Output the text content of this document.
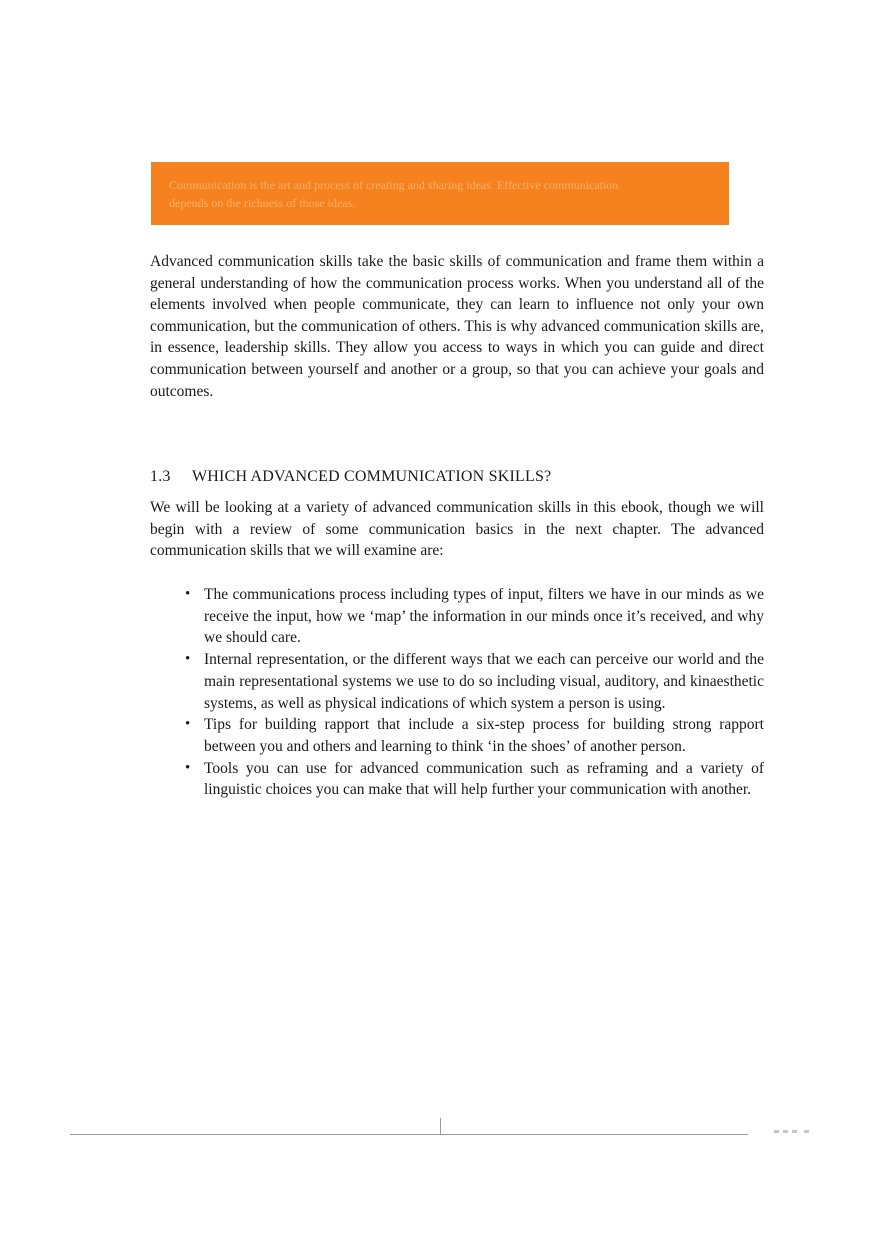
Communication is the art and process of creating and sharing ideas. Effective communication depends on the richness of those ideas.

Advanced communication skills take the basic skills of communication and frame them within a general understanding of how the communication process works. When you understand all of the elements involved when people communicate, they can learn to influence not only your own communication, but the communication of others. This is why advanced communication skills are, in essence, leadership skills. They allow you access to ways in which you can guide and direct communication between yourself and another or a group, so that you can achieve your goals and outcomes.

1.3 WHICH ADVANCED COMMUNICATION SKILLS?

We will be looking at a variety of advanced communication skills in this ebook, though we will begin with a review of some communication basics in the next chapter. The advanced communication skills that we will examine are:

• The communications process including types of input, filters we have in our minds as we receive the input, how we ‘map’ the information in our minds once it’s received, and why we should care.
• Internal representation, or the different ways that we each can perceive our world and the main representational systems we use to do so including visual, auditory, and kinaesthetic systems, as well as physical indications of which system a person is using.
• Tips for building rapport that include a six-step process for building strong rapport between you and others and learning to think ‘in the shoes’ of another person.
• Tools you can use for advanced communication such as reframing and a variety of linguistic choices you can make that will help further your communication with another.
